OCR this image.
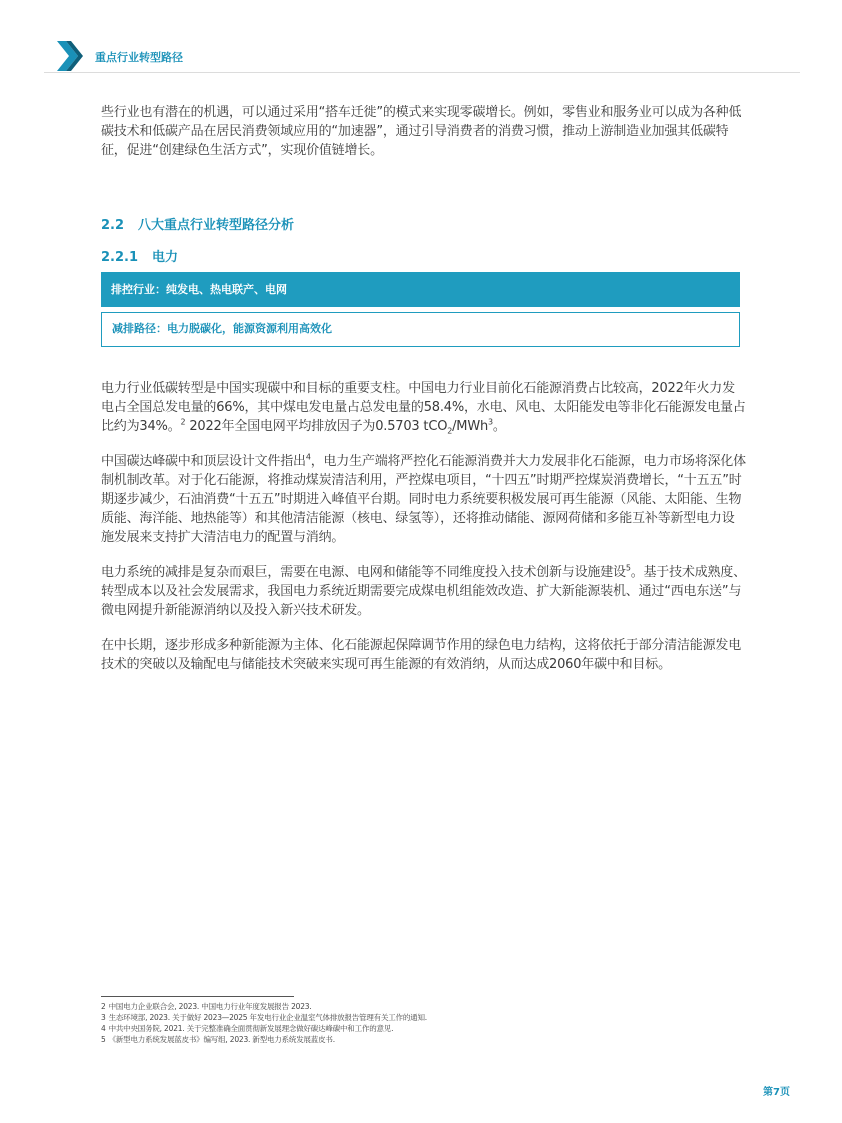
重点行业转型路径

些行业也有潜在的机遇，可以通过采用“搭车迁徙”的模式来实现零碳增长。例如，零售业和服务业可以成为各种低碳技术和低碳产品在居民消费领域应用的“加速器”，通过引导消费者的消费习惯，推动上游制造业加强其低碳特征，促进“创建绿色生活方式”，实现价值链增长。

2.2 八大重点行业转型路径分析
2.2.1 电力
排控行业：纯发电、热电联产、电网
减排路径：电力脱碳化，能源资源利用高效化

电力行业低碳转型是中国实现碳中和目标的重要支柱。中国电力行业目前化石能源消费占比较高，2022年火力发电占全国总发电量的66%，其中煤电发电量占总发电量的58.4%，水电、风电、太阳能发电等非化石能源发电量占比约为34%。$^2$ 2022年全国电网平均排放因子为0.5703 tCO$_2$/MWh$^3$。

中国碳达峰碳中和顶层设计文件指出$^4$，电力生产端将严控化石能源消费并大力发展非化石能源，电力市场将深化体制机制改革。对于化石能源，将推动煤炭清洁利用，严控煤电项目，“十四五”时期严控煤炭消费增长，“十五五”时期逐步减少，石油消费“十五五”时期进入峰值平台期。同时电力系统要积极发展可再生能源（风能、太阳能、生物质能、海洋能、地热能等）和其他清洁能源（核电、绿氢等），还将推动储能、源网荷储和多能互补等新型电力设施发展来支持扩大清洁电力的配置与消纳。

电力系统的减排是复杂而艰巨，需要在电源、电网和储能等不同维度投入技术创新与设施建设$^5$。基于技术成熟度、转型成本以及社会发展需求，我国电力系统近期需要完成煤电机组能效改造、扩大新能源装机、通过“西电东送”与微电网提升新能源消纳以及投入新兴技术研发。

在中长期，逐步形成多种新能源为主体、化石能源起保障调节作用的绿色电力结构，这将依托于部分清洁能源发电技术的突破以及输配电与储能技术突破来实现可再生能源的有效消纳，从而达成2060年碳中和目标。

2 中国电力企业联合会, 2023. 中国电力行业年度发展报告 2023.
3 生态环境部, 2023. 关于做好 2023—2025 年发电行业企业温室气体排放报告管理有关工作的通知.
4 中共中央国务院, 2021. 关于完整准确全面贯彻新发展理念做好碳达峰碳中和工作的意见.
5 《新型电力系统发展蓝皮书》编写组, 2023. 新型电力系统发展蓝皮书.
第7页
